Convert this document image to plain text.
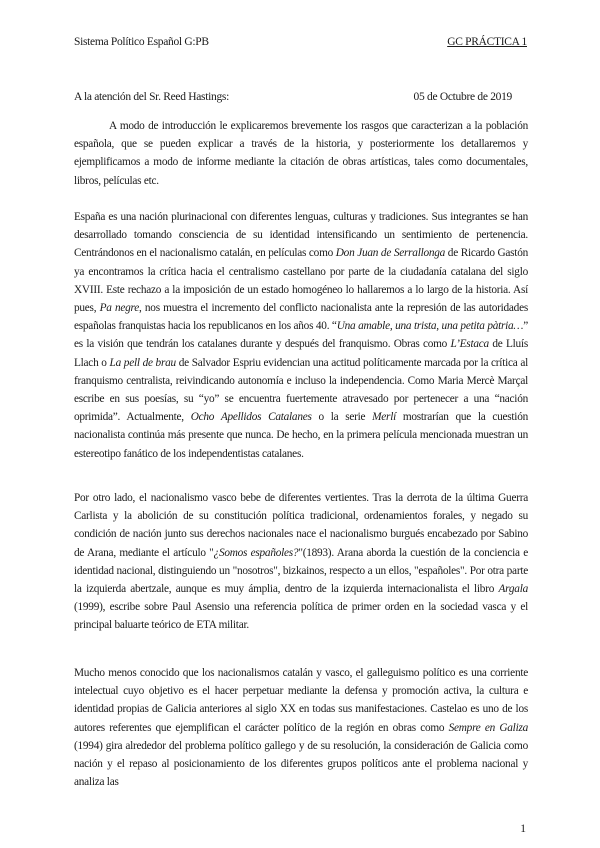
Sistema Político Español G:PB	GC PRÁCTICA 1
A la atención del Sr. Reed Hastings:	05 de Octubre de 2019

A modo de introducción le explicaremos brevemente los rasgos que caracterizan a la población española, que se pueden explicar a través de la historia, y posteriormente los detallaremos y ejemplificamos a modo de informe mediante la citación de obras artísticas, tales como documentales, libros, películas etc.

España es una nación plurinacional con diferentes lenguas, culturas y tradiciones. Sus integrantes se han desarrollado tomando consciencia de su identidad intensificando un sentimiento de pertenencia. Centrándonos en el nacionalismo catalán, en películas como Don Juan de Serrallonga de Ricardo Gastón ya encontramos la crítica hacia el centralismo castellano por parte de la ciudadanía catalana del siglo XVIII. Este rechazo a la imposición de un estado homogéneo lo hallaremos a lo largo de la historia. Así pues, Pa negre, nos muestra el incremento del conflicto nacionalista ante la represión de las autoridades españolas franquistas hacia los republicanos en los años 40. “Una amable, una trista, una petita pàtria…” es la visión que tendrán los catalanes durante y después del franquismo. Obras como L’Estaca de Lluís Llach o La pell de brau de Salvador Espriu evidencian una actitud políticamente marcada por la crítica al franquismo centralista, reivindicando autonomía e incluso la independencia. Como Maria Mercè Marçal escribe en sus poesías, su “yo” se encuentra fuertemente atravesado por pertenecer a una “nación oprimida”. Actualmente, Ocho Apellidos Catalanes o la serie Merlí mostrarían que la cuestión nacionalista continúa más presente que nunca. De hecho, en la primera película mencionada muestran un estereotipo fanático de los independentistas catalanes.

Por otro lado, el nacionalismo vasco bebe de diferentes vertientes. Tras la derrota de la última Guerra Carlista y la abolición de su constitución política tradicional, ordenamientos forales, y negado su condición de nación junto sus derechos nacionales nace el nacionalismo burgués encabezado por Sabino de Arana, mediante el artículo "¿Somos españoles?"(1893). Arana aborda la cuestión de la conciencia e identidad nacional, distinguiendo un "nosotros", bizkainos, respecto a un ellos, "españoles". Por otra parte la izquierda abertzale, aunque es muy ámplia, dentro de la izquierda internacionalista el libro Argala (1999), escribe sobre Paul Asensio una referencia política de primer orden en la sociedad vasca y el principal baluarte teórico de ETA militar.

Mucho menos conocido que los nacionalismos catalán y vasco, el galleguismo político es una corriente intelectual cuyo objetivo es el hacer perpetuar mediante la defensa y promoción activa, la cultura e identidad propias de Galicia anteriores al siglo XX en todas sus manifestaciones. Castelao es uno de los autores referentes que ejemplifican el carácter político de la región en obras como Sempre en Galiza (1994) gira alrededor del problema político gallego y de su resolución, la consideración de Galicia como nación y el repaso al posicionamiento de los diferentes grupos políticos ante el problema nacional y analiza las

1
